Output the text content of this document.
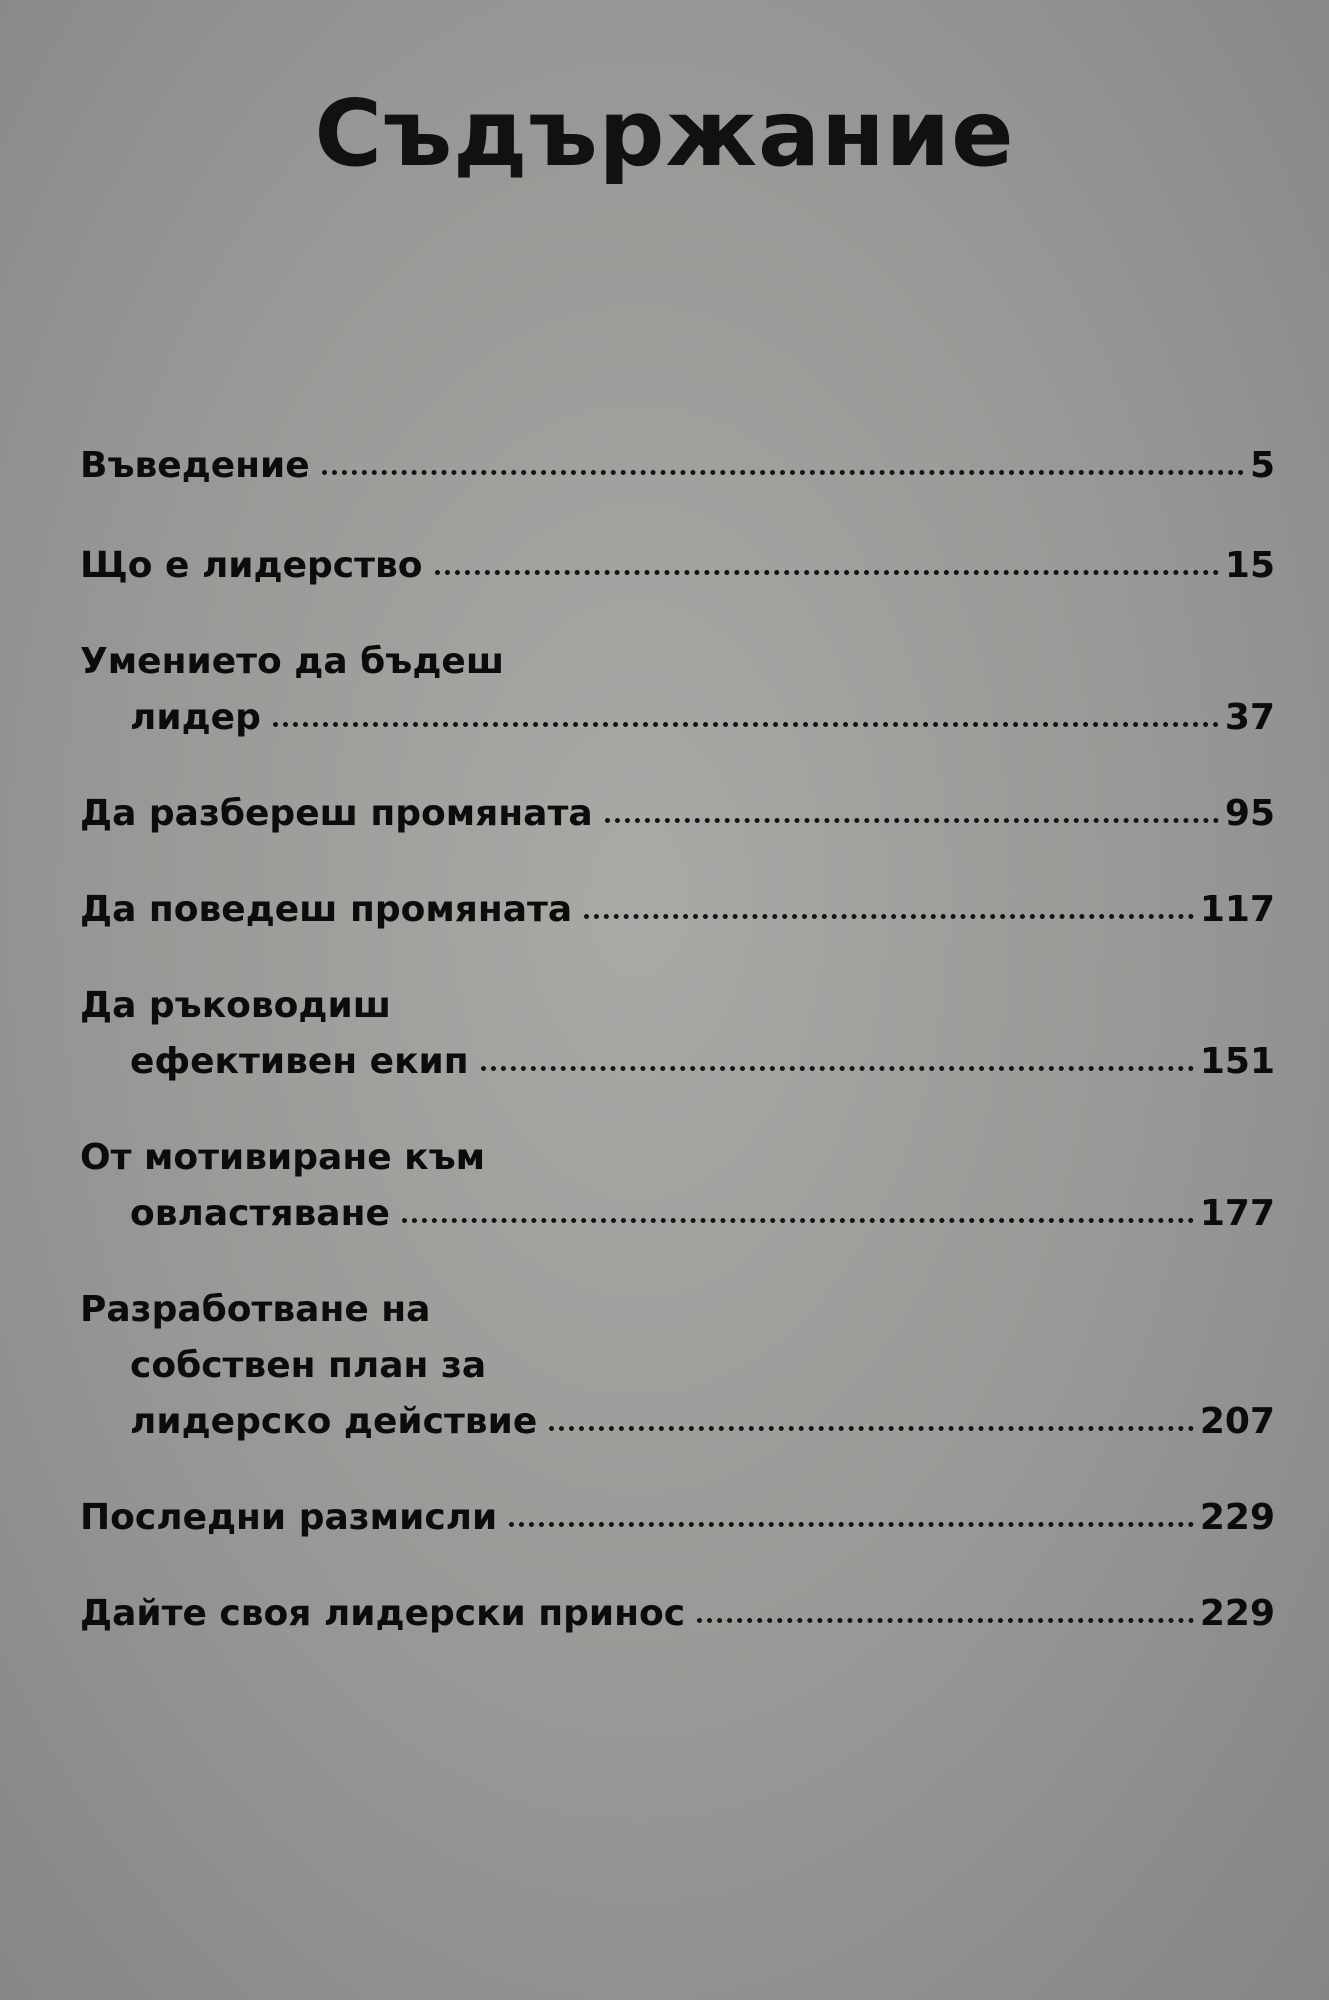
Съдържание
Въведение	5
Що е лидерство	15
Умението да бъдеш
лидер	37
Да разбереш промяната	95
Да поведеш промяната	117
Да ръководиш
ефективен екип	151
От мотивиране към
овластяване	177
Разработване на
собствен план за
лидерско действие	207
Последни размисли	229
Дайте своя лидерски принос	229
